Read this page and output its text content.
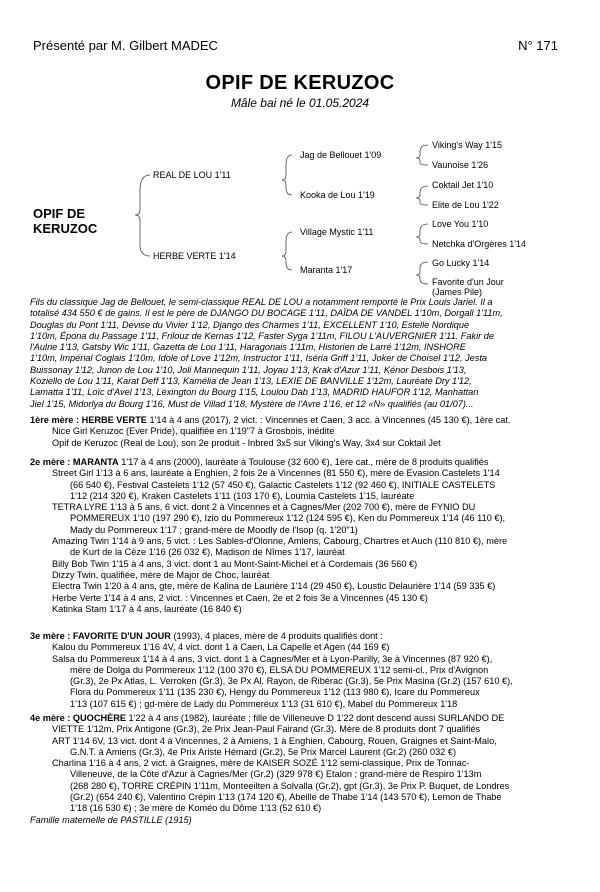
Présenté par M. Gilbert MADEC	N° 171
OPIF DE KERUZOC
Mâle bai né le 01.05.2024
OPIF DE KERUZOC
REAL DE LOU 1'11
HERBE VERTE 1'14
Jag de Bellouet 1'09
Kooka de Lou 1'19
Village Mystic 1'11
Maranta 1'17
Viking's Way 1'15
Vaunoise 1'26
Coktail Jet 1'10
Elite de Lou 1'22
Love You 1'10
Netchka d'Orgères 1'14
Go Lucky 1'14
Favorite d'un Jour
(James Pile)

Fils du classique Jag de Bellouet, le semi-classique REAL DE LOU a notamment remporté le Prix Louis Jariel. Il a

totalisé 434 550 € de gains. Il est le père de DJANGO DU BOCAGE 1'11, DAÏDA DE VANDEL 1'10m, Dorgall 1'11m,

Douglas du Pont 1'11, Devise du Vivier 1'12, Django des Charmes 1'11, EXCELLENT 1'10, Estelle Nordique

1'10m, Épona du Passage 1'11, Frilouz de Kernas 1'12, Faster Syga 1'11m, FILOU L'AUVERGNIER 1'11. Fakir de

l'Aulne 1'13, Gatsby Wic 1'11, Gazetta de Lou 1'11, Haragonais 1'11m, Historien de Larré 1'12m, INSHORE

1'10m, Impérial Coglais 1'10m, Idole of Love 1'12m, Instructor 1'11, Iséria Griff 1'11, Joker de Choisel 1'12, Jesta

Buissonay 1'12, Junon de Lou 1'10, Joli Mannequin 1'11, Joyau 1'13, Krak d'Azur 1'11, Kénor Desbois 1'13,

Koziello de Lou 1'11, Karat Deff 1'13, Kamélia de Jean 1'13, LEXIE DE BANVILLE 1'12m, Lauréate Dry 1'12,

Lamatta 1'11, Loïc d'Avel 1'13, Lexington du Bourg 1'15, Loulou Dab 1'13, MADRID HAUFOR 1'12, Manhattan

Jiel 1'15, Midorlya du Bourg 1'16, Must de Villad 1'18, Mystère de l'Avre 1'16, et 12 «N» qualifiés (au 01/07)...

1ère mère : HERBE VERTE 1'14 à 4 ans (2017), 2 vict. : Vincennes et Caen, 3 acc. à Vincennes (45 130 €), 1ère cat.

Nice Girl Keruzoc (Ever Pride), qualifiée en 1'19"7 à Grosbois, inédite

Opif de Keruzoc (Real de Lou), son 2e produit - Inbred 3x5 sur Viking's Way, 3x4 sur Coktail Jet

2e mère : MARANTA 1'17 à 4 ans (2000), lauréate à Toulouse (32 600 €), 1ère cat., mère de 8 produits qualifiés

Street Girl 1'13 à 6 ans, lauréate à Enghien, 2 fois 2e à Vincennes (81 550 €), mère de Evasion Castelets 1'14

(66 540 €), Festival Castelets 1'12 (57 450 €), Galactic Castelets 1'12 (92 460 €), INITIALE CASTELETS

1'12 (214 320 €), Kraken Castelets 1'11 (103 170 €), Loumia Castelets 1'15, lauréate

TETRA LYRE 1'13 à 5 ans, 6 vict. dont 2 à Vincennes et à Cagnes/Mer (202 700 €), mère de FYNIO DU

POMMEREUX 1'10 (197 290 €), Izio du Pommereux 1'12 (124 595 €), Ken du Pommereux 1'14 (46 110 €),

Mady du Pommereux 1'17 ; grand-mère de Moodly de l'Isop (q. 1'20"1)

Amazing Twin 1'14 à 9 ans, 5 vict. : Les Sables-d'Olonne, Amiens, Cabourg, Chartres et Auch (110 810 €), mère

de Kurt de la Cèze 1'16 (26 032 €), Madison de Nîmes 1'17, lauréat

Billy Bob Twin 1'15 à 4 ans, 3 vict. dont 1 au Mont-Saint-Michel et à Cordemais (36 560 €)

Dizzy Twin, qualifiée, mère de Major de Choc, lauréat

Electra Twin 1'20 à 4 ans, gte, mère de Kalina de Laurière 1'14 (29 450 €), Loustic Delaurière 1'14 (59 335 €)

Herbe Verte 1'14 à 4 ans, 2 vict. : Vincennes et Caen, 2e et 2 fois 3e à Vincennes (45 130 €)

Katinka Stam 1'17 à 4 ans, lauréate (16 840 €)

3e mère : FAVORITE D'UN JOUR (1993), 4 places, mère de 4 produits qualifiés dont :

Kalou du Pommereux 1'16 4V, 4 vict. dont 1 à Caen, La Capelle et Agen (44 169 €)

Salsa du Pommereux 1'14 à 4 ans, 3 vict. dont 1 à Cagnes/Mer et à Lyon-Parilly, 3e à Vincennes (87 920 €),

mère de Dolga du Pommereux 1'12 (100 370 €), ELSA DU POMMEREUX 1'12 semi-cl., Prix d'Avignon

(Gr.3), 2e Px Atlas, L. Verroken (Gr.3), 3e Px Al. Rayon, de Ribérac (Gr.3), 5e Prix Masina (Gr.2) (157 610 €),

Flora du Pommereux 1'11 (135 230 €), Hengy du Pommereux 1'12 (113 980 €), Icare du Pommereux

1'13 (107 615 €) ; gd-mère de Lady du Pommereux 1'13 (31 610 €), Mabel du Pommereux 1'18

4e mère : QUOCHÈRE 1'22 à 4 ans (1982), lauréate ; fille de Villeneuve D 1'22 dont descend aussi SURLANDO DE

VIETTE 1'12m, Prix Antigone (Gr.3), 2e Prix Jean-Paul Fairand (Gr.3). Mère de 8 produits dont 7 qualifiés

ART 1'14 6V, 13 vict. dont 4 à Vincennes, 2 à Amiens, 1 à Enghien, Cabourg, Rouen, Graignes et Saint-Malo,

G.N.T. à Amiens (Gr.3), 4e Prix Ariste Hémard (Gr.2), 5e Prix Marcel Laurent (Gr.2) (260 032 €)

Charlina 1'16 à 4 ans, 2 vict. à Graignes, mère de KAISER SOZÉ 1'12 semi-classique, Prix de Tonnac-

Villeneuve, de la Côte d'Azur à Cagnes/Mer (Gr.2) (329 978 €) Etalon ; grand-mère de Respiro 1'13m

(268 280 €), TORRE CRÉPIN 1'11m, Monteeilten à Solvalla (Gr.2), gpt (Gr.3), 3e Prix P. Buquet, de Londres

(Gr.2) (654 240 €), Valentino Crépin 1'13 (174 120 €), Abeille de Thabe 1'14 (143 570 €), Lemon de Thabe

1'18 (16 530 €) ; 3e mère de Koméo du Dôme 1'13 (52 610 €)

Famille maternelle de PASTILLE (1915)
